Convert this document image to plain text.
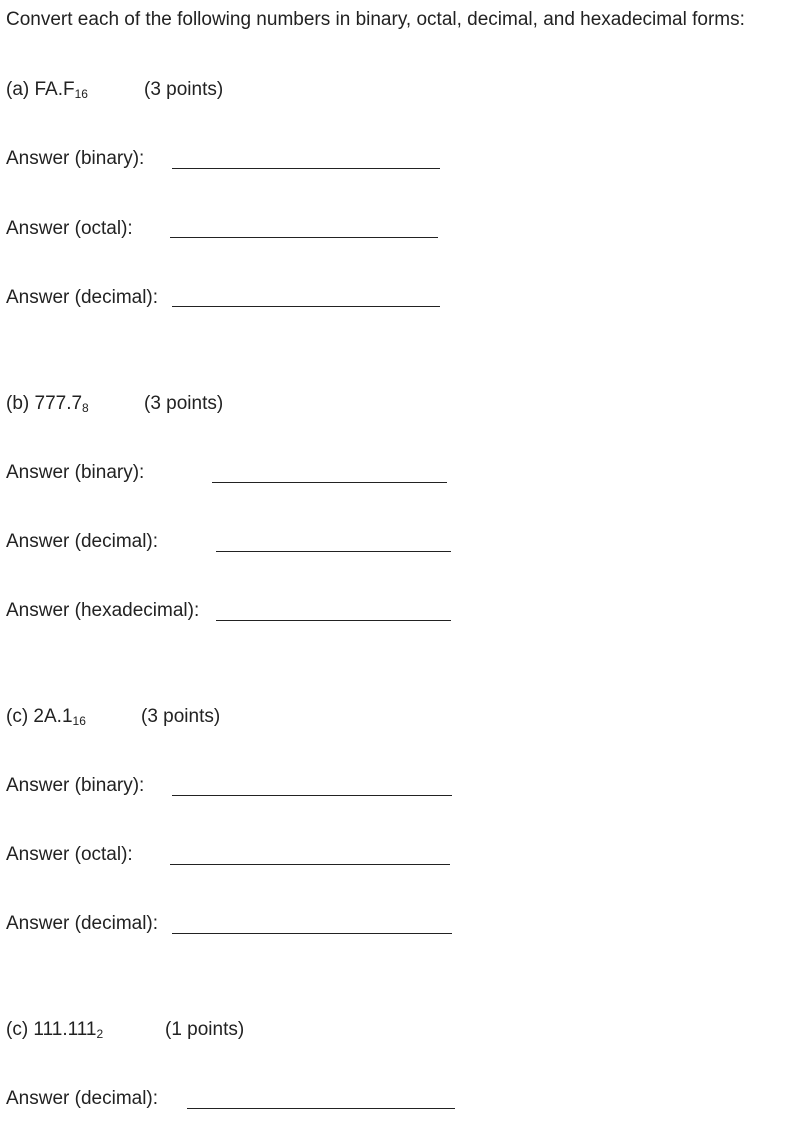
Convert each of the following numbers in binary, octal, decimal, and hexadecimal forms:
(a) $FA.F_{16}$	(3 points)
Answer (binary):
Answer (octal):
Answer (decimal):
(b) $777.7_8$	(3 points)
Answer (binary):
Answer (decimal):
Answer (hexadecimal):
(c) $2A.1_{16}$	(3 points)
Answer (binary):
Answer (octal):
Answer (decimal):
(c) $111.111_2$	(1 points)
Answer (decimal):
